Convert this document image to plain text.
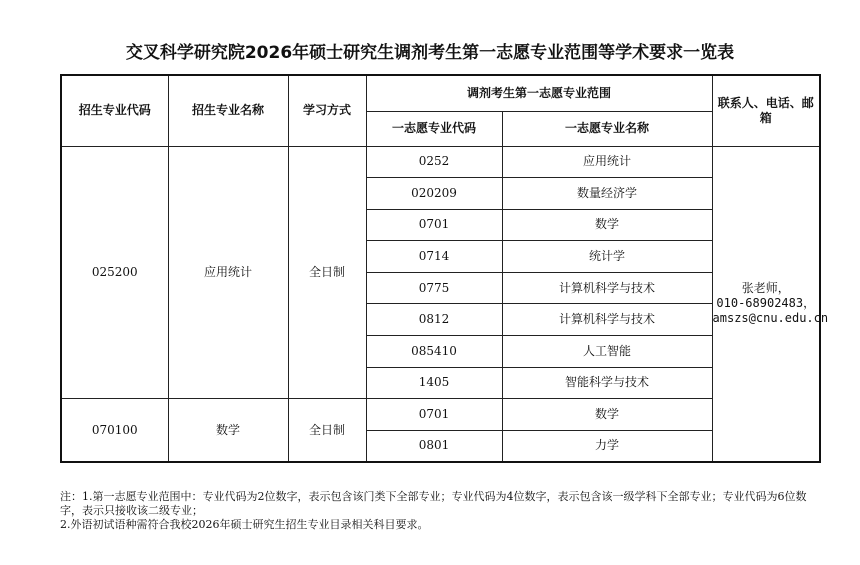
交叉科学研究院2026年硕士研究生调剂考生第一志愿专业范围等学术要求一览表
招生专业代码	招生专业名称	学习方式	调剂考生第一志愿专业范围		联系人、电话、邮箱
			一志愿专业代码	一志愿专业名称	
025200	应用统计	全日制	0252	应用统计	张老师，
010-68902483，
amszs@cnu.edu.cn

			020209	数量经济学	
			0701	数学	
			0714	统计学	
			0775	计算机科学与技术	
			0812	计算机科学与技术	
			085410	人工智能	
			1405	智能科学与技术	
070100	数学	全日制	0701	数学	
			0801	力学	

注：1.第一志愿专业范围中：专业代码为2位数字，表示包含该门类下全部专业；专业代码为4位数字，表示包含该一级学科下全部专业；专业代码为6位数字，表示只接收该二级专业；

2.外语初试语种需符合我校2026年硕士研究生招生专业目录相关科目要求。
